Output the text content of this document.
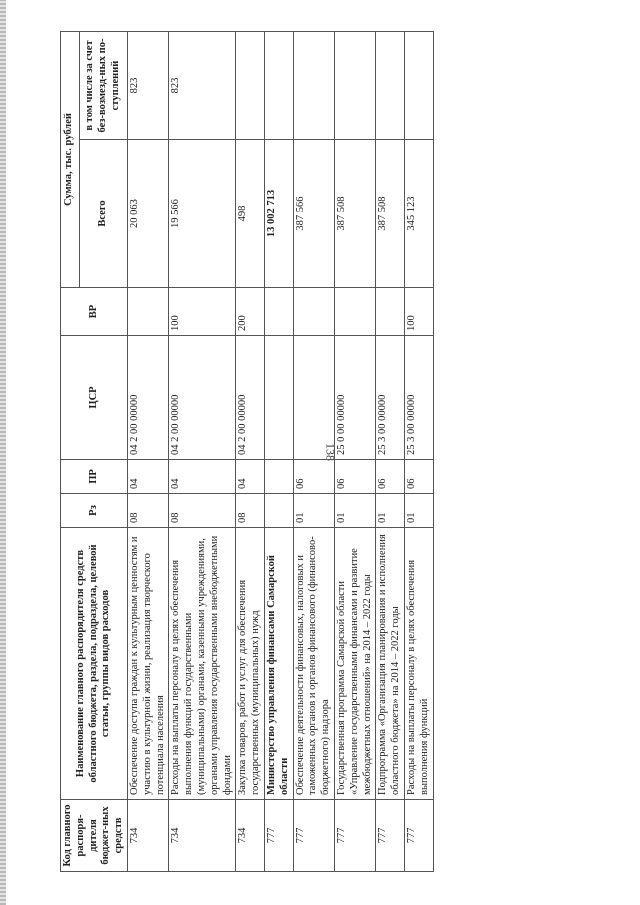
138
Код главного распоря-дителя бюджет-ных средств	Наименование главного распорядителя средств областного бюджета, раздела, подраздела, целевой статьи, группы видов расходов	Рз	ПР	ЦСР	ВР	Сумма, тыс. рублей	
						Всего	в том числе за счет без-возмезд-ных по-ступлений
734	Обеспечение доступа граждан к культурным ценностям и участию в культурной жизни, реализация творческого потенциала населения	08	04	04 2 00 00000		20 063	823
734	Расходы на выплаты персоналу в целях обеспечения выполнения функций государственными (муниципальными) органами, казенными учреждениями, органами управления государственными внебюджетными фондами	08	04	04 2 00 00000	100	19 566	823
734	Закупка товаров, работ и услуг для обеспечения государственных (муниципальных) нужд	08	04	04 2 00 00000	200	498	
777	Министерство управления финансами Самарской области					13 002 713	
777	Обеспечение деятельности финансовых, налоговых и таможенных органов и органов финансового (финансово-бюджетного) надзора	01	06			387 566	
777	Государственная программа Самарской области «Управление государственными финансами и развитие межбюджетных отношений» на 2014 – 2022 годы	01	06	25 0 00 00000		387 508	
777	Подпрограмма «Организация планирования и исполнения областного бюджета» на 2014 – 2022 годы	01	06	25 3 00 00000		387 508	
777	Расходы на выплаты персоналу в целях обеспечения выполнения функций	01	06	25 3 00 00000	100	345 123	
